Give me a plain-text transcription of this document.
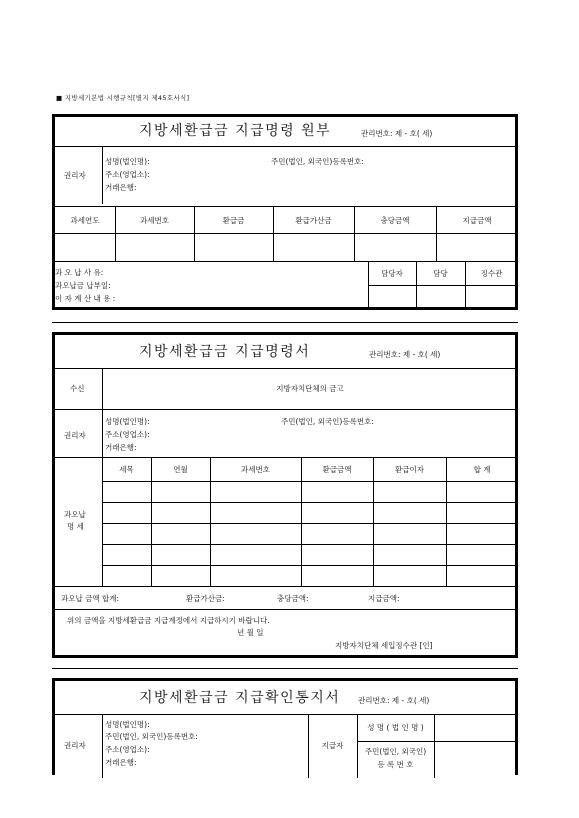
■ 지방세기본법 시행규칙[별지 제45호서식]
지방세환급금 지급명령 원부	관리번호: 제 - 호( 세)
권리자
성명(법인명):	주민(법인, 외국인)등록번호:
주소(영업소):
거래은행:
과세연도	과세번호	환급금	환급가산금	충당금액	지급금액
과 오 납 사 유:
과오납금 납부일:
이 자 계 산 내 용 :
담당자	담당	징수관
지방세환급금 지급명령서	관리번호: 제 - 호( 세)
수신	지방자치단체의 금고
권리자
성명(법인명):	주민(법인, 외국인)등록번호:
주소(영업소):
거래은행:
과오납
명 세
세목	연월	과세번호	환급금액	환급이자	합 계
과오납 금액 합계:	환급가산금:	충당금액:	지급금액:
위의 금액을 지방세환급금 지급계정에서 지급하시기 바랍니다.
년 월 일
지방자치단체 세입징수관 [인]
지방세환급금 지급확인통지서 관리번호: 제 - 호( 세)
권리자
성명(법인명):
주민(법인, 외국인)등록번호:
주소(영업소):
거래은행:
지급자
성 명 ( 법 인 명 )
주민(법인, 외국인)
등 록 번 호
